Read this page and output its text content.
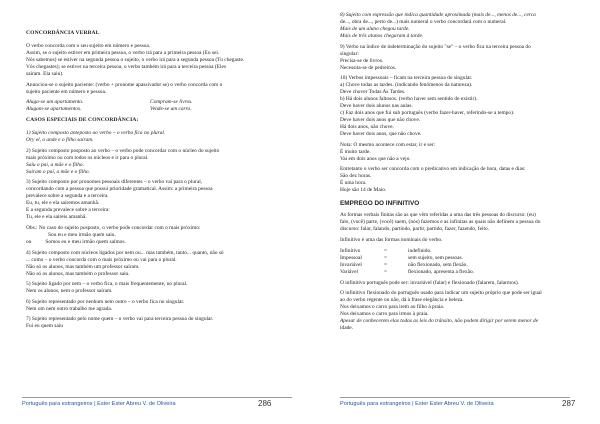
CONCORDÂNCIA VERBAL

O verbo concorda com o seu sujeito em número e pessoa.
Assim, se o sujeito estiver em primeira pessoa, o verbo irá para a primeira pessoa (Eu sei.
Nós sabemos) se estiver na segunda pessoa o sujeito, o verbo irá para a segunda pessoa (Tu chegaste.
Vós chegastes); se estiver na terceira pessoa, o verbo também irá para a terceira pessoa (Eles
saíram. Ela saiu).

Anunciou-se o sujeito paciente: (verbo + pronome apassivador se) o verbo concorda com o
sujeito paciente em número e pessoa.

Aluga-se um apartamento.	Compram-se livros.
Alugam-se apartamentos.	Vende-se um carro.

CASOS ESPECIAIS DE CONCORDÂNCIA:

1) Sujeito composto anteposto ao verbo – o verbo fica no plural.
Ory el, o ande e o filho saíram.

2) Sujeito composto posposto ao verbo – o verbo pode concordar com o núcleo do sujeito
mais próximo ou com todos os núcleos e ir para o plural.
Saiu o pai, a mãe e o filho.
Saíram o pai, a mãe e o filho.

3) Sujeito composto por pronomes pessoais diferentes – o verbo vai para o plural,
concordando com a pessoa que possui prioridade gramatical. Assim: a primeira pessoa
prevalece sobre a segunda e a terceira.
Eu, tu, ele e ela sairemos amanhã.
E a segunda prevalece sobre a terceira:
Tu, ele e ela saireis amanhã.

Obs.: No caso do sujeito posposto, o verbo pode concordar com o mais próximo:
Sou eu e meu irmão quem saiu.
ou	Somos eu e meu irmão quem saímos.

4) Sujeito composto com núcleos ligados por nem ou... mas também, tanto... quanto, não só
... como – o verbo concorda com o mais próximo ou vai para o plural.
Não só os alunos, mas também um professor saíram.
Não só os alunos, mas também o professor saiu.

5) Sujeito ligado por nem – o verbo fica, o mais frequentemente, no plural.
Nem os alunos, nem o professor saíram.

6) Sujeito representado por nenhum nem outro – o verbo fica no singular.
Nem um nem outro trabalho me agrada.

7) Sujeito representado pelo nome quem – o verbo vai para terceira pessoa do singular.
Fui eu quem saiu

Português para estrangeiros | Ester Ester Abreu V. de Oliveira	286

8) Sujeito com expressão que indica quantidade aproximada (mais de..., menos de..., cerca
de..., obra de..., perto de...) mais numeral o verbo concordará com o numeral.
Mais de um aluno chegou tarde.
Mais de três alunos chegaram à tarde.

9) Verbo na índice de indeterminação do sujeito "se" – o verbo fica na terceira pessoa do
singular:
Precisa-se de livros.
Necessita-se de pedreiros.

10) Verbos impessoais – ficam na terceira pessoa do singular.
a) Chove todas as tardes. (indicando fenômenos da natureza).
Deve chover Todas As Tardes.
b) Há dois alunos faltosos. (verbo haver sem sentido de existir).
Deve haver dois alunos nas aulas.
c) Faz dois anos que fui sub português (verbo fazer-haver, referindo-se a tempo).
Deve haver dois anos que não chove.
Há dois anos, não chove.
Deve haver dois anos, que não chove.

Nota: O mesmo acontece com estar, ir e ser:
É muito tarde.
Vai em dois anos que não a vejo.

Entretanto o verbo ser concorda com o predicativo em indicação de hora, datas e dias:
São dez horas.
É uma hora.
Hoje são 14 de Maio.

EMPREGO DO INFINITIVO

As formas verbais finitas são as que vêm referidas a uma das três pessoas do discurso: (eu)
falo, (você) parte, (você) saem, (nós) fazemos e as infinitas as quais não definem a pessoa do
discurso: falar, falando, partindo, partir, partido, fazer, fazendo, feito.

Infinitivo é uma das formas nominais do verbo.

Infinitivo	=	indefinido.
Impessoal	=	sem sujeito, sem pessoas.
Invariável	=	não flexionado, sem flexão.
Variável	=	flexionado, apresenta a flexão.

O infinitivo português pode ser: invariável (falar) e flexionado (falarem, falarmos).

O infinitivo flexionado do português usado para indicar um sujeito próprio que pode ser igual
ao do verbo regente ou não, dá à frase elegância e beleza.
Nos deixamos o carro para irem ao filho à praia.
Nos deixamos o carro para irmos à praia.
Apesar de conhecerem elas todas as leis do trânsito, não podem dirigir por serem menor de
idade.

Português para estrangeiros | Ester Ester Abreu V. de Oliveira	287
